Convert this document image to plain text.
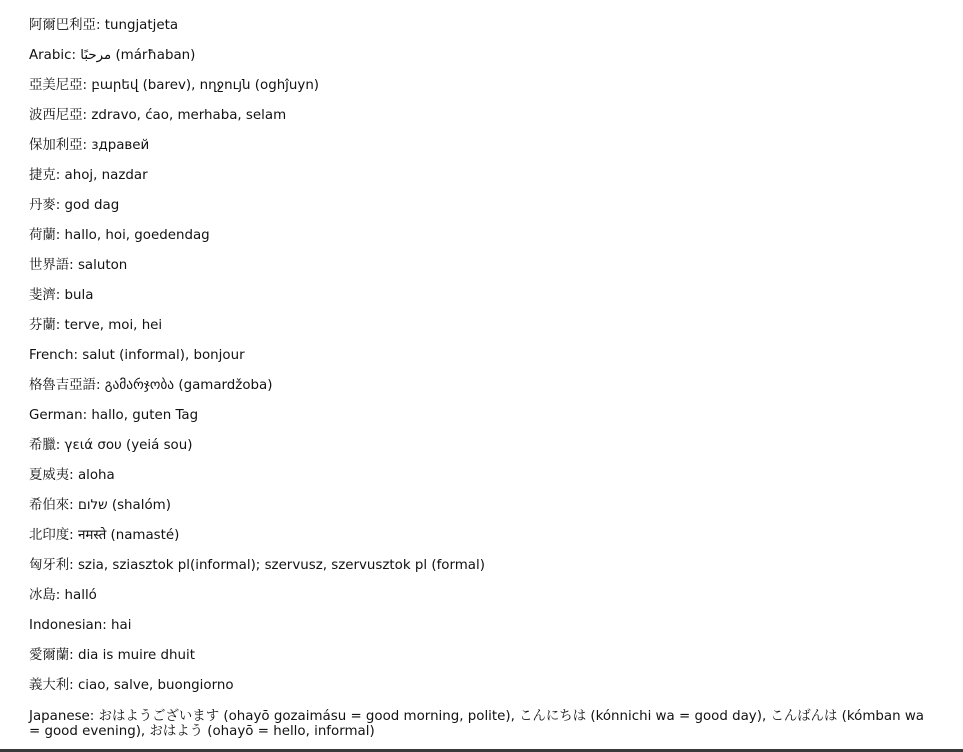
阿爾巴利亞: tungjatjeta
Arabic: مرحبًا (márħaban)
亞美尼亞: բարեվ (barev), ողջույն (oghĵuyn)
波西尼亞: zdravo, ćao, merhaba, selam
保加利亞: здравей
捷克: ahoj, nazdar
丹麥: god dag
荷蘭: hallo, hoi, goedendag
世界語: saluton
斐濟: bula
芬蘭: terve, moi, hei
French: salut (informal), bonjour
格魯吉亞語: გამარჯობა (gamardžoba)
German: hallo, guten Tag
希臘: γειά σου (yeiá sou)
夏威夷: aloha
希伯來: שלום (shalóm)
北印度: नमस्ते (namasté)
匈牙利: szia, sziasztok pl(informal); szervusz, szervusztok pl (formal)
冰島: halló
Indonesian: hai
愛爾蘭: dia is muire dhuit
義大利: ciao, salve, buongiorno
Japanese: おはようございます (ohayō gozaimásu = good morning, polite), こんにちは (kónnichi wa = good day), こんばんは (kómban wa = good evening), おはよう (ohayō = hello, informal)
